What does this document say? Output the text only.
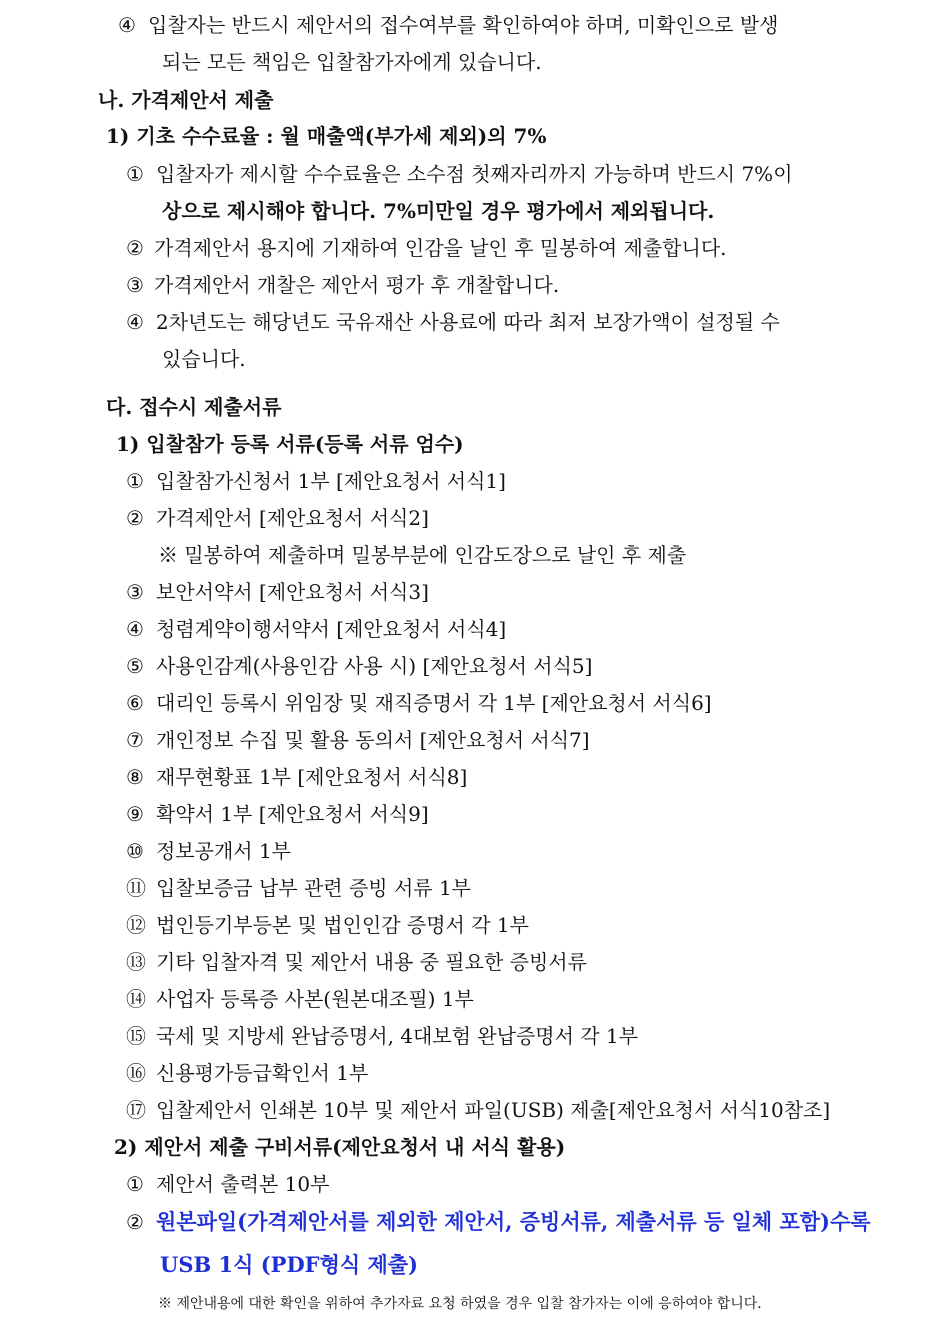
④ 입찰자는 반드시 제안서의 접수여부를 확인하여야 하며, 미확인으로 발생
되는 모든 책임은 입찰참가자에게 있습니다.
나. 가격제안서 제출
1) 기초 수수료율 : 월 매출액(부가세 제외)의 7%
① 입찰자가 제시할 수수료율은 소수점 첫째자리까지 가능하며 반드시 7%이
상으로 제시해야 합니다. 7%미만일 경우 평가에서 제외됩니다.
② 가격제안서 용지에 기재하여 인감을 날인 후 밀봉하여 제출합니다.
③ 가격제안서 개찰은 제안서 평가 후 개찰합니다.
④ 2차년도는 해당년도 국유재산 사용료에 따라 최저 보장가액이 설정될 수
있습니다.
다. 접수시 제출서류
1) 입찰참가 등록 서류(등록 서류 엄수)
① 입찰참가신청서 1부 [제안요청서 서식1]
② 가격제안서 [제안요청서 서식2]
※ 밀봉하여 제출하며 밀봉부분에 인감도장으로 날인 후 제출
③ 보안서약서 [제안요청서 서식3]
④ 청렴계약이행서약서 [제안요청서 서식4]
⑤ 사용인감계(사용인감 사용 시) [제안요청서 서식5]
⑥ 대리인 등록시 위임장 및 재직증명서 각 1부 [제안요청서 서식6]
⑦ 개인정보 수집 및 활용 동의서 [제안요청서 서식7]
⑧ 재무현황표 1부 [제안요청서 서식8]
⑨ 확약서 1부 [제안요청서 서식9]
⑩ 정보공개서 1부
⑪ 입찰보증금 납부 관련 증빙 서류 1부
⑫ 법인등기부등본 및 법인인감 증명서 각 1부
⑬ 기타 입찰자격 및 제안서 내용 중 필요한 증빙서류
⑭ 사업자 등록증 사본(원본대조필) 1부
⑮ 국세 및 지방세 완납증명서, 4대보험 완납증명서 각 1부
⑯ 신용평가등급확인서 1부
⑰ 입찰제안서 인쇄본 10부 및 제안서 파일(USB) 제출[제안요청서 서식10참조]
2) 제안서 제출 구비서류(제안요청서 내 서식 활용)
① 제안서 출력본 10부
② 원본파일(가격제안서를 제외한 제안서, 증빙서류, 제출서류 등 일체 포함)수록
USB 1식 (PDF형식 제출)
※ 제안내용에 대한 확인을 위하여 추가자료 요청 하였을 경우 입찰 참가자는 이에 응하여야 합니다.
